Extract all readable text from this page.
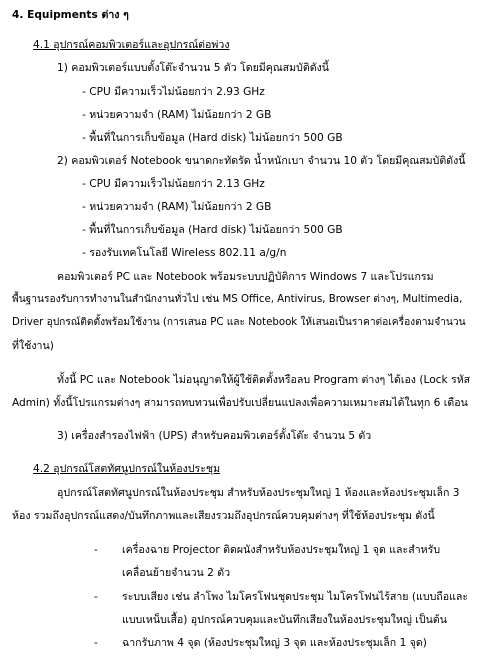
4. Equipments ต่าง ๆ
4.1 อุปกรณ์คอมพิวเตอร์และอุปกรณ์ต่อพ่วง
1) คอมพิวเตอร์แบบตั้งโต๊ะจำนวน 5 ตัว โดยมีคุณสมบัติดังนี้
- CPU มีความเร็วไม่น้อยกว่า 2.93 GHz
- หน่วยความจำ (RAM) ไม่น้อยกว่า 2 GB
- พื้นที่ในการเก็บข้อมูล (Hard disk) ไม่น้อยกว่า 500 GB
2) คอมพิวเตอร์ Notebook ขนาดกะทัดรัด น้ำหนักเบา จำนวน 10 ตัว โดยมีคุณสมบัติดังนี้
- CPU มีความเร็วไม่น้อยกว่า 2.13 GHz
- หน่วยความจำ (RAM) ไม่น้อยกว่า 2 GB
- พื้นที่ในการเก็บข้อมูล (Hard disk) ไม่น้อยกว่า 500 GB
- รองรับเทคโนโลยี Wireless 802.11 a/g/n
คอมพิวเตอร์ PC และ Notebook พร้อมระบบปฏิบัติการ Windows 7 และโปรแกรม
พื้นฐานรองรับการทำงานในสำนักงานทั่วไป เช่น MS Office, Antivirus, Browser ต่างๆ, Multimedia,
Driver อุปกรณ์ติดตั้งพร้อมใช้งาน (การเสนอ PC และ Notebook ให้เสนอเป็นราคาต่อเครื่องตามจำนวน
ที่ใช้งาน)
ทั้งนี้ PC และ Notebook ไม่อนุญาตให้ผู้ใช้ติดตั้งหรือลบ Program ต่างๆ ได้เอง (Lock รหัส
Admin) ทั้งนี้โปรแกรมต่างๆ สามารถทบทวนเพื่อปรับเปลี่ยนแปลงเพื่อความเหมาะสมได้ในทุก 6 เดือน
3) เครื่องสำรองไฟฟ้า (UPS) สำหรับคอมพิวเตอร์ตั้งโต๊ะ จำนวน 5 ตัว
4.2 อุปกรณ์โสตทัศนูปกรณ์ในห้องประชุม
อุปกรณ์โสตทัศนูปกรณ์ในห้องประชุม สำหรับห้องประชุมใหญ่ 1 ห้องและห้องประชุมเล็ก 3
ห้อง รวมถึงอุปกรณ์แสดง/บันทึกภาพและเสียงรวมถึงอุปกรณ์ควบคุมต่างๆ ที่ใช้ห้องประชุม ดังนี้
- เครื่องฉาย Projector ติดผนังสำหรับห้องประชุมใหญ่ 1 จุด และสำหรับ
เคลื่อนย้ายจำนวน 2 ตัว
- ระบบเสียง เช่น ลำโพง ไมโครโฟนชุดประชุม ไมโครโฟนไร้สาย (แบบถือและ
แบบเหน็บเสื้อ) อุปกรณ์ควบคุมและบันทึกเสียงในห้องประชุมใหญ่ เป็นต้น
- ฉากรับภาพ 4 จุด (ห้องประชุมใหญ่ 3 จุด และห้องประชุมเล็ก 1 จุด)
